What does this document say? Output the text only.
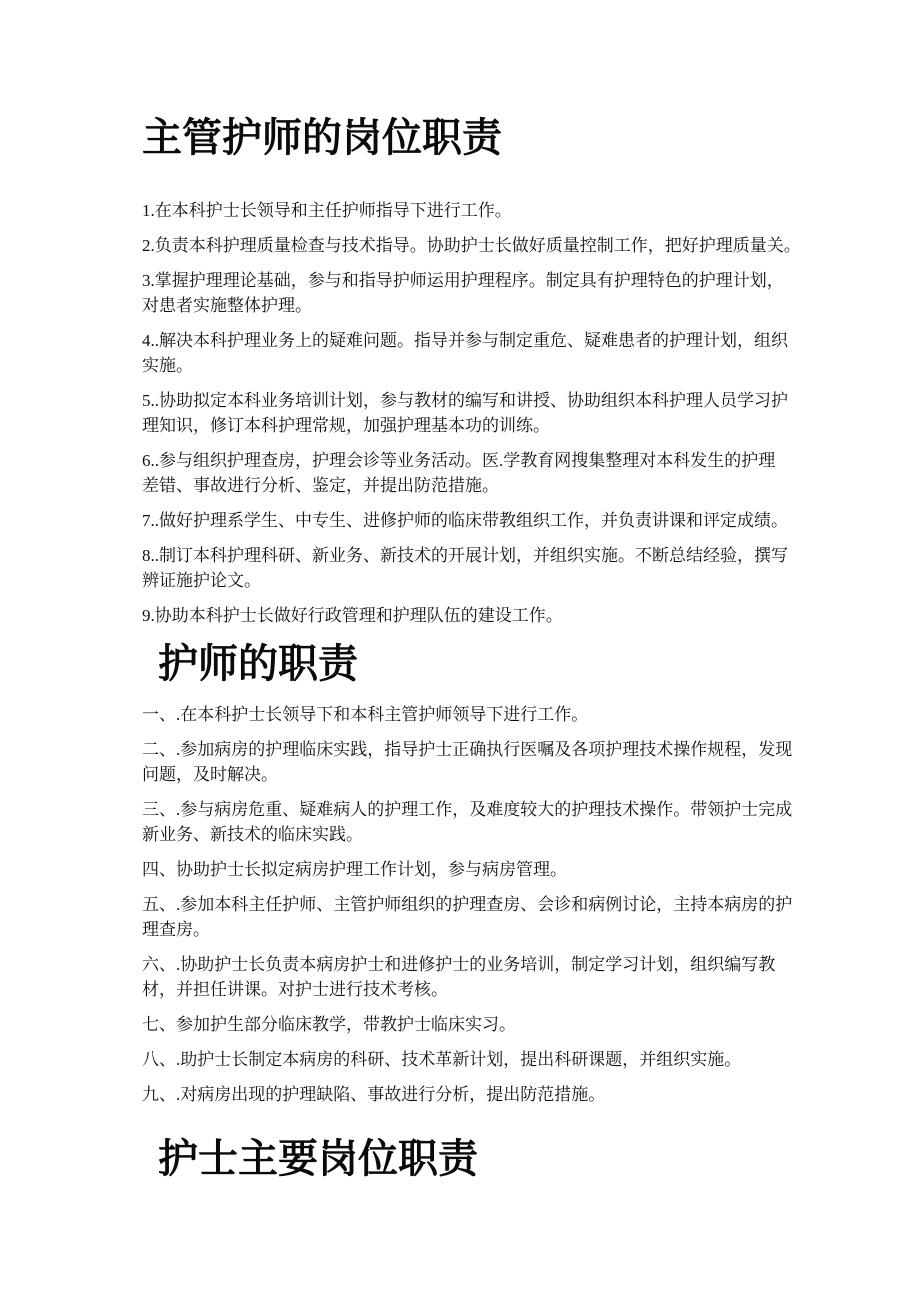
主管护师的岗位职责

1.在本科护士长领导和主任护师指导下进行工作。

2.负责本科护理质量检查与技术指导。协助护士长做好质量控制工作，把好护理质量关。

3.掌握护理理论基础，参与和指导护师运用护理程序。制定具有护理特色的护理计划，　　对患者实施整体护理。

4..解决本科护理业务上的疑难问题。指导并参与制定重危、疑难患者的护理计划，组织　实施。

5..协助拟定本科业务培训计划，参与教材的编写和讲授、协助组织本科护理人员学习护　理知识，修订本科护理常规，加强护理基本功的训练。

6..参与组织护理查房，护理会诊等业务活动。医.学教育网搜集整理对本科发生的护理　　差错、事故进行分析、鉴定，并提出防范措施。

7..做好护理系学生、中专生、进修护师的临床带教组织工作，并负责讲课和评定成绩。

8..制订本科护理科研、新业务、新技术的开展计划，并组织实施。不断总结经验，撰写　辨证施护论文。

9.协助本科护士长做好行政管理和护理队伍的建设工作。

护师的职责

一、.在本科护士长领导下和本科主管护师领导下进行工作。

二、.参加病房的护理临床实践，指导护士正确执行医嘱及各项护理技术操作规程，发现问题，及时解决。

三、.参与病房危重、疑难病人的护理工作，及难度较大的护理技术操作。带领护士完成新业务、新技术的临床实践。

四、协助护士长拟定病房护理工作计划，参与病房管理。

五、.参加本科主任护师、主管护师组织的护理查房、会诊和病例讨论，主持本病房的护理查房。

六、.协助护士长负责本病房护士和进修护士的业务培训，制定学习计划，组织编写教材，并担任讲课。对护士进行技术考核。

七、参加护生部分临床教学，带教护士临床实习。

八、.助护士长制定本病房的科研、技术革新计划，提出科研课题，并组织实施。

九、.对病房出现的护理缺陷、事故进行分析，提出防范措施。

护士主要岗位职责
